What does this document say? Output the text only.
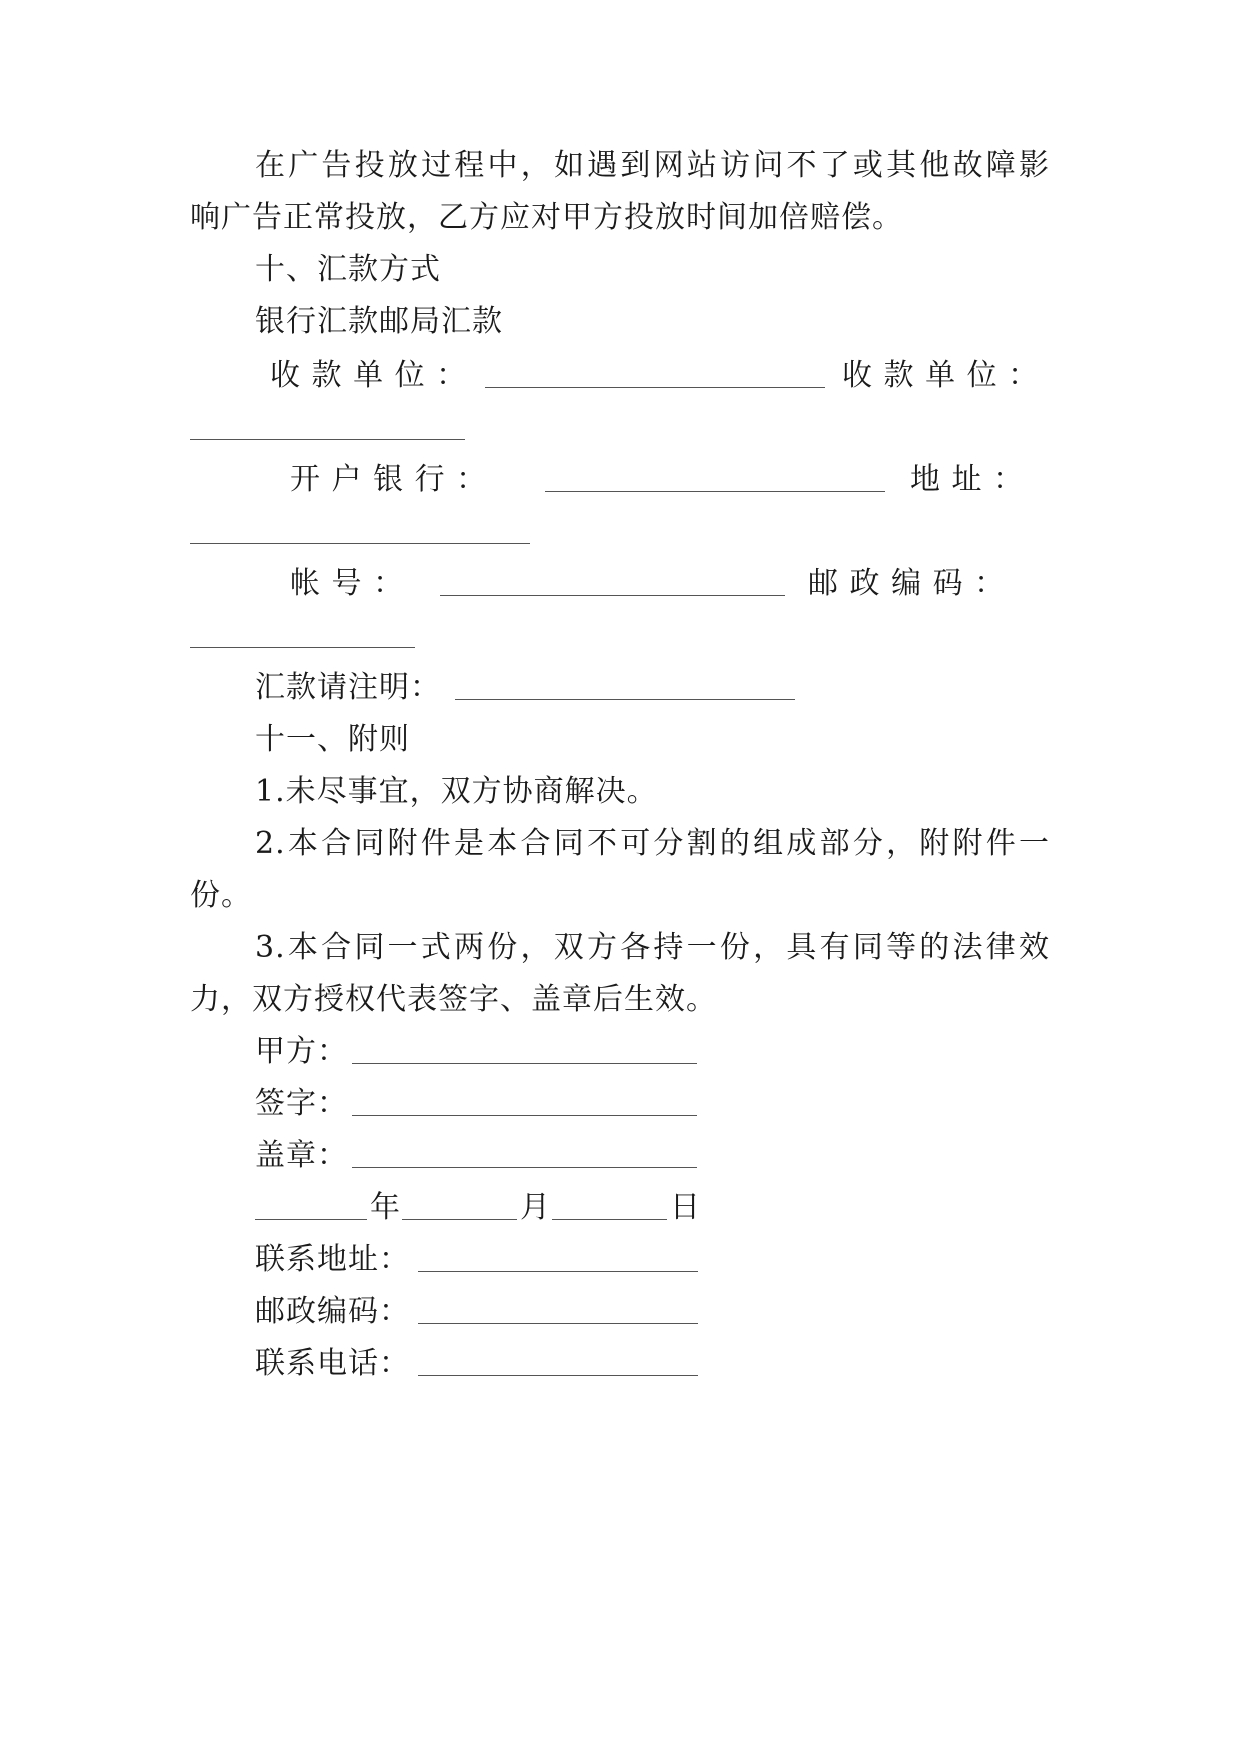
在广告投放过程中，如遇到网站访问不了或其他故障影
响广告正常投放，乙方应对甲方投放时间加倍赔偿。
十、汇款方式
银行汇款邮局汇款
收 款 单 位 ：	收 款 单 位 ：
开 户 银 行 ：	地 址 ：
帐 号 ：	邮 政 编 码 ：
汇款请注明：
十一、附则
1.未尽事宜，双方协商解决。
2.本合同附件是本合同不可分割的组成部分，附附件一
份。
3.本合同一式两份，双方各持一份，具有同等的法律效
力，双方授权代表签字、盖章后生效。
甲方：
签字：
盖章：
年	月	日
联系地址：
邮政编码：
联系电话：
